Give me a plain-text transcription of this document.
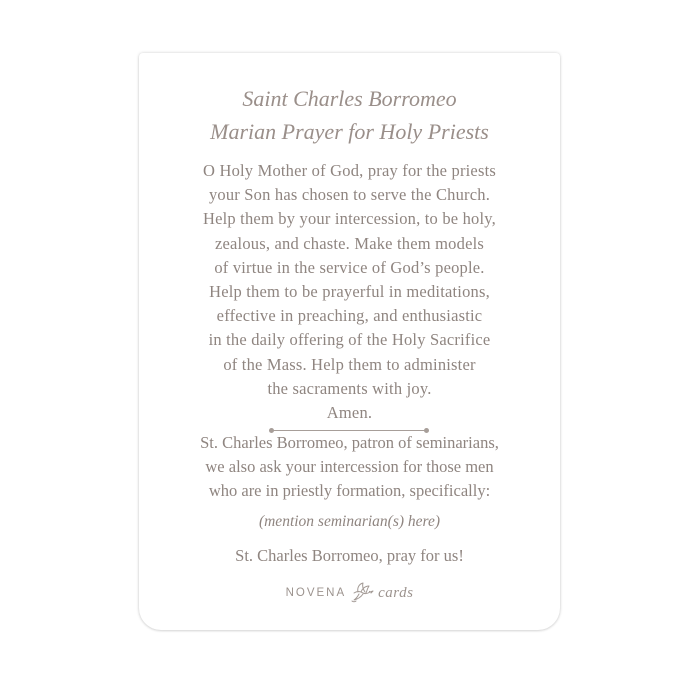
Saint Charles Borromeo
Marian Prayer for Holy Priests
O Holy Mother of God, pray for the priests
your Son has chosen to serve the Church.
Help them by your intercession, to be holy,
zealous, and chaste. Make them models
of virtue in the service of God’s people.
Help them to be prayerful in meditations,
effective in preaching, and enthusiastic
in the daily offering of the Holy Sacrifice
of the Mass. Help them to administer
the sacraments with joy.
Amen.
St. Charles Borromeo, patron of seminarians,
we also ask your intercession for those men
who are in priestly formation, specifically:
(mention seminarian(s) here)
St. Charles Borromeo, pray for us!
NOVENA cards
